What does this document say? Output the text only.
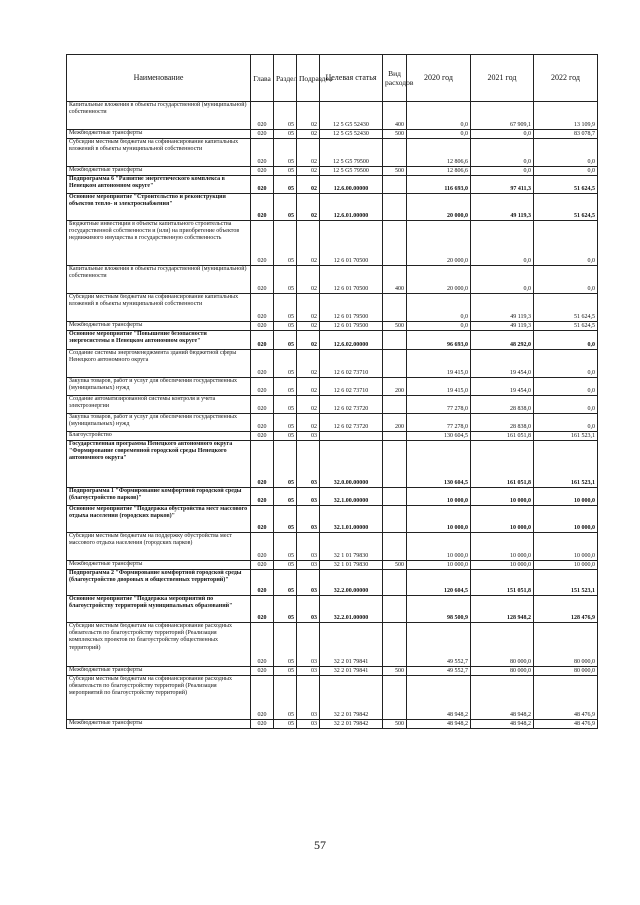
Наименование	Глава	Раздел	Подраздел	Целевая статья	Вид расходов	2020 год	2021 год	2022 год
Капитальные вложения в объекты государственной (муниципальной) собственности	020	05	02	12 5 G5 52430	400	0,0	67 909,1	13 109,9
Межбюджетные трансферты	020	05	02	12 5 G5 52430	500	0,0	0,0	83 078,7
Субсидии местным бюджетам на софинансирование капитальных вложений в объекты муниципальной собственности	020	05	02	12 5 G5 79500		12 806,6	0,0	0,0
Межбюджетные трансферты	020	05	02	12 5 G5 79500	500	12 806,6	0,0	0,0
Подпрограмма 6 "Развитие энергетического комплекса в Ненецком автономном округе"	020	05	02	12.6.00.00000		116 693,0	97 411,3	51 624,5
Основное мероприятие "Строительство и реконструкция объектов тепло- и электроснабжения"	020	05	02	12.6.01.00000		20 000,0	49 119,3	51 624,5
Бюджетные инвестиции в объекты капитального строительства государственной собственности и (или) на приобретение объектов недвижимого имущества в государственную собственность	020	05	02	12 6 01 70500		20 000,0	0,0	0,0
Капитальные вложения в объекты государственной (муниципальной) собственности	020	05	02	12 6 01 70500	400	20 000,0	0,0	0,0
Субсидии местным бюджетам на софинансирование капитальных вложений в объекты муниципальной собственности	020	05	02	12 6 01 79500		0,0	49 119,3	51 624,5
Межбюджетные трансферты	020	05	02	12 6 01 79500	500	0,0	49 119,3	51 624,5
Основное мероприятие "Повышение безопасности энергосистемы в Ненецком автономном округе"	020	05	02	12.6.02.00000		96 693,0	48 292,0	0,0
Создание системы энергоменеджмента зданий бюджетной сферы Ненецкого автономного округа	020	05	02	12 6 02 73710		19 415,0	19 454,0	0,0
Закупка товаров, работ и услуг для обеспечения государственных (муниципальных) нужд	020	05	02	12 6 02 73710	200	19 415,0	19 454,0	0,0
Создание автоматизированной системы контроля и учета электроэнергии	020	05	02	12 6 02 73720		77 278,0	28 838,0	0,0
Закупка товаров, работ и услуг для обеспечения государственных (муниципальных) нужд	020	05	02	12 6 02 73720	200	77 278,0	28 838,0	0,0
Благоустройство	020	05	03			130 604,5	161 051,8	161 523,1
Государственная программа Ненецкого автономного округа "Формирование современной городской среды Ненецкого автономного округа"	020	05	03	32.0.00.00000		130 604,5	161 051,8	161 523,1
Подпрограмма 1 "Формирование комфортной городской среды (благоустройство парков)"	020	05	03	32.1.00.00000		10 000,0	10 000,0	10 000,0
Основное мероприятие "Поддержка обустройства мест массового отдыха населения (городских парков)"	020	05	03	32.1.01.00000		10 000,0	10 000,0	10 000,0
Субсидии местным бюджетам на поддержку обустройства мест массового отдыха населения (городских парков)	020	05	03	32 1 01 79830		10 000,0	10 000,0	10 000,0
Межбюджетные трансферты	020	05	03	32 1 01 79830	500	10 000,0	10 000,0	10 000,0
Подпрограмма 2 "Формирование комфортной городской среды (благоустройство дворовых и общественных территорий)"	020	05	03	32.2.00.00000		120 604,5	151 051,8	151 523,1
Основное мероприятие "Поддержка мероприятий по благоустройству территорий муниципальных образований"	020	05	03	32.2.01.00000		98 500,9	128 948,2	128 476,9
Субсидии местным бюджетам на софинансирование расходных обязательств по благоустройству территорий (Реализация комплексных проектов по благоустройству общественных территорий)	020	05	03	32 2 01 79841		49 552,7	80 000,0	80 000,0
Межбюджетные трансферты	020	05	03	32 2 01 79841	500	49 552,7	80 000,0	80 000,0
Субсидии местным бюджетам на софинансирование расходных обязательств по благоустройству территорий (Реализация мероприятий по благоустройству территорий)	020	05	03	32 2 01 79842		48 948,2	48 948,2	48 476,9
Межбюджетные трансферты	020	05	03	32 2 01 79842	500	48 948,2	48 948,2	48 476,9
57
